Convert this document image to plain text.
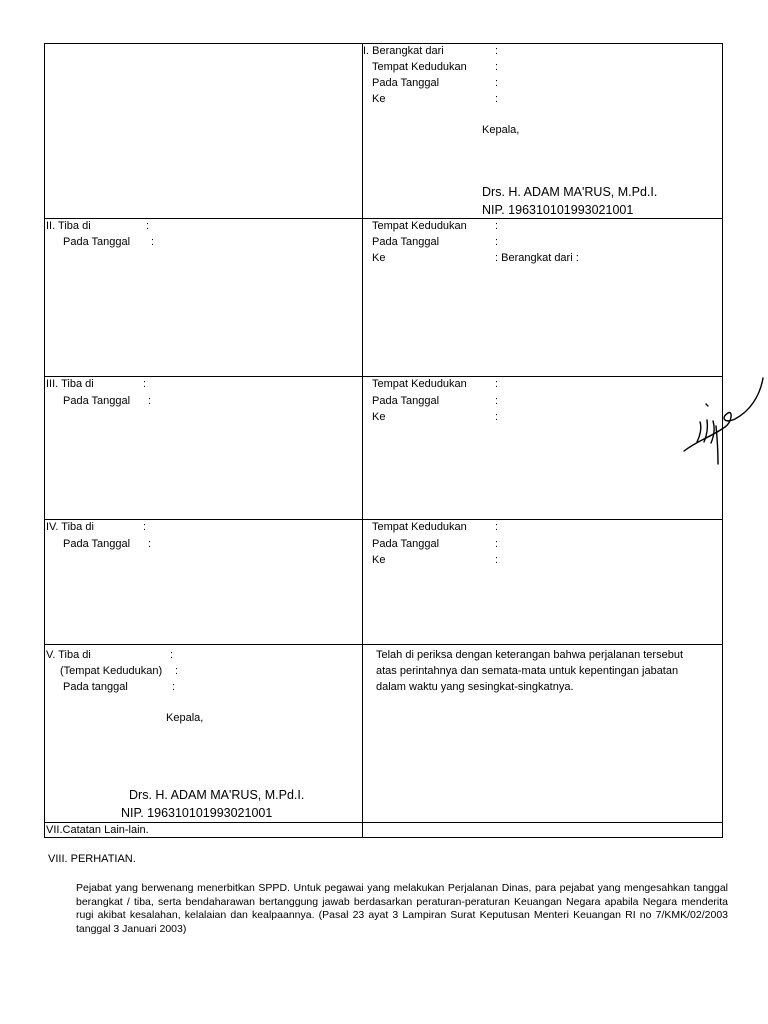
I. Berangkat dari	:
Tempat Kedudukan	:
Pada Tanggal	:
Ke	:
Kepala,
Drs. H. ADAM MA'RUS, M.Pd.I.
NIP. 196310101993021001
II. Tiba di	:
Pada Tanggal :
Tempat Kedudukan	:
Pada Tanggal	:
Ke	: Berangkat dari :
III. Tiba di	:
Pada Tanggal :
Tempat Kedudukan	:
Pada Tanggal	:
Ke	:
IV. Tiba di	:
Pada Tanggal :
Tempat Kedudukan	:
Pada Tanggal	:
Ke	:
V. Tiba di	:
(Tempat Kedudukan) :
Pada tanggal	:
Kepala,
Drs. H. ADAM MA'RUS, M.Pd.I.
NIP. 196310101993021001
Telah di periksa dengan keterangan bahwa perjalanan tersebut
atas perintahnya dan semata-mata untuk kepentingan jabatan
dalam waktu yang sesingkat-singkatnya.
VII.Catatan Lain-lain.
VIII. PERHATIAN.
Pejabat yang berwenang menerbitkan SPPD. Untuk pegawai yang melakukan Perjalanan Dinas, para pejabat yang mengesahkan tanggal berangkat / tiba, serta bendaharawan bertanggung jawab berdasarkan peraturan-peraturan Keuangan Negara apabila Negara menderita rugi akibat kesalahan, kelalaian dan kealpaannya. (Pasal 23 ayat 3 Lampiran Surat Keputusan Menteri Keuangan RI no 7/KMK/02/2003 tanggal 3 Januari 2003)
